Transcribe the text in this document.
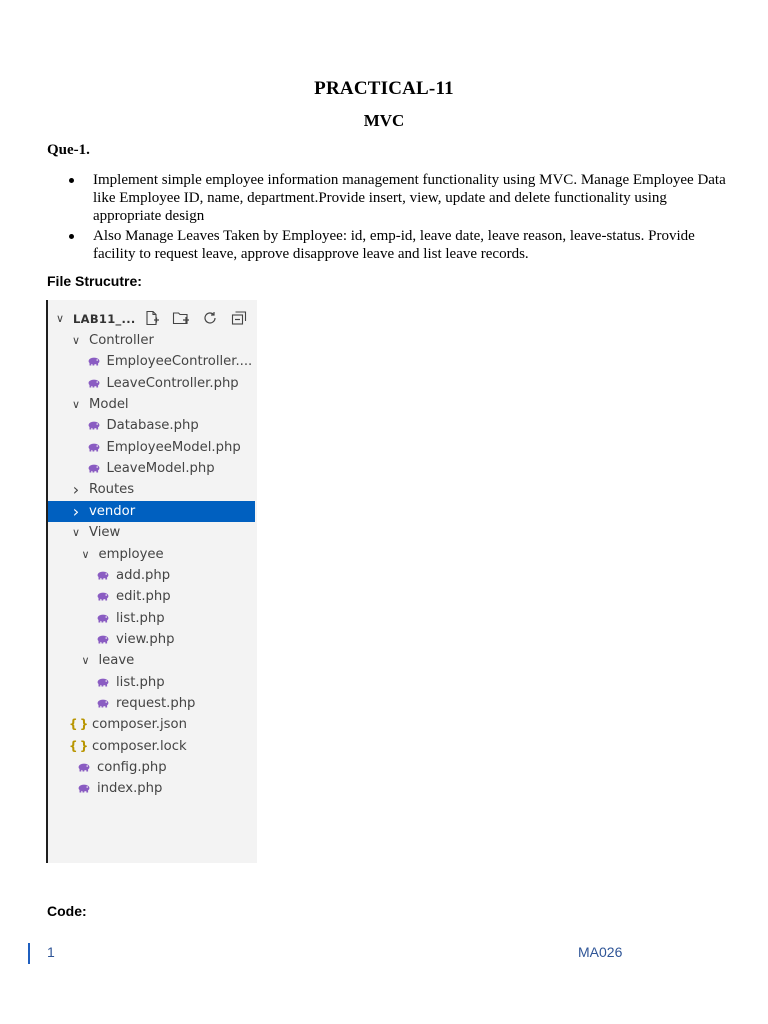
PRACTICAL-11
MVC
Que-1.
Implement simple employee information management functionality using MVC. Manage Employee Data like Employee ID, name, department.Provide insert, view, update and delete functionality using appropriate design
Also Manage Leaves Taken by Employee: id, emp-id, leave date, leave reason, leave-status. Provide facility to request leave, approve disapprove leave and list leave records.
File Strucutre:
∨ LAB11_...
∨ Controller
EmployeeController....
LeaveController.php
∨ Model
Database.php
EmployeeModel.php
LeaveModel.php
› Routes
› vendor
∨ View
∨ employee
add.php
edit.php
list.php
view.php
∨ leave
list.php
request.php
{ } composer.json
{ } composer.lock
config.php
index.php
Code:
1	MA026
